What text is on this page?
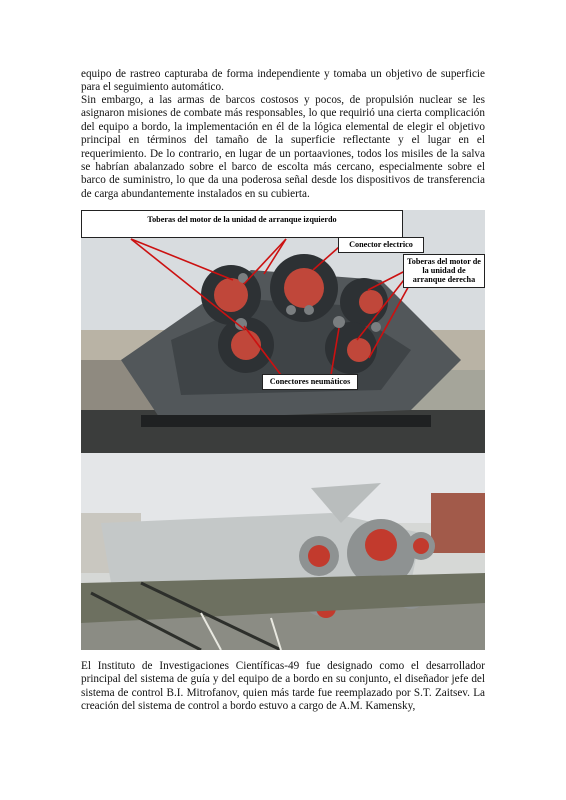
equipo de rastreo capturaba de forma independiente y tomaba un objetivo de superficie para el seguimiento automático.

Sin embargo, a las armas de barcos costosos y pocos, de propulsión nuclear se les asignaron misiones de combate más responsables, lo que requirió una cierta complicación del equipo a bordo, la implementación en él de la lógica elemental de elegir el objetivo principal en términos del tamaño de la superficie reflectante y el lugar en el requerimiento. De lo contrario, en lugar de un portaaviones, todos los misiles de la salva se habrían abalanzado sobre el barco de escolta más cercano, especialmente sobre el barco de suministro, lo que da una poderosa señal desde los dispositivos de transferencia de carga abundantemente instalados en su cubierta.

Toberas del motor de la unidad de arranque izquierdo
Conector electrico
Toberas del motor de la unidad de arranque derecha
Conectores neumáticos

El Instituto de Investigaciones Científicas-49 fue designado como el desarrollador principal del sistema de guía y del equipo de a bordo en su conjunto, el diseñador jefe del sistema de control B.I. Mitrofanov, quien más tarde fue reemplazado por S.T. Zaitsev. La creación del sistema de control a bordo estuvo a cargo de A.M. Kamensky,
